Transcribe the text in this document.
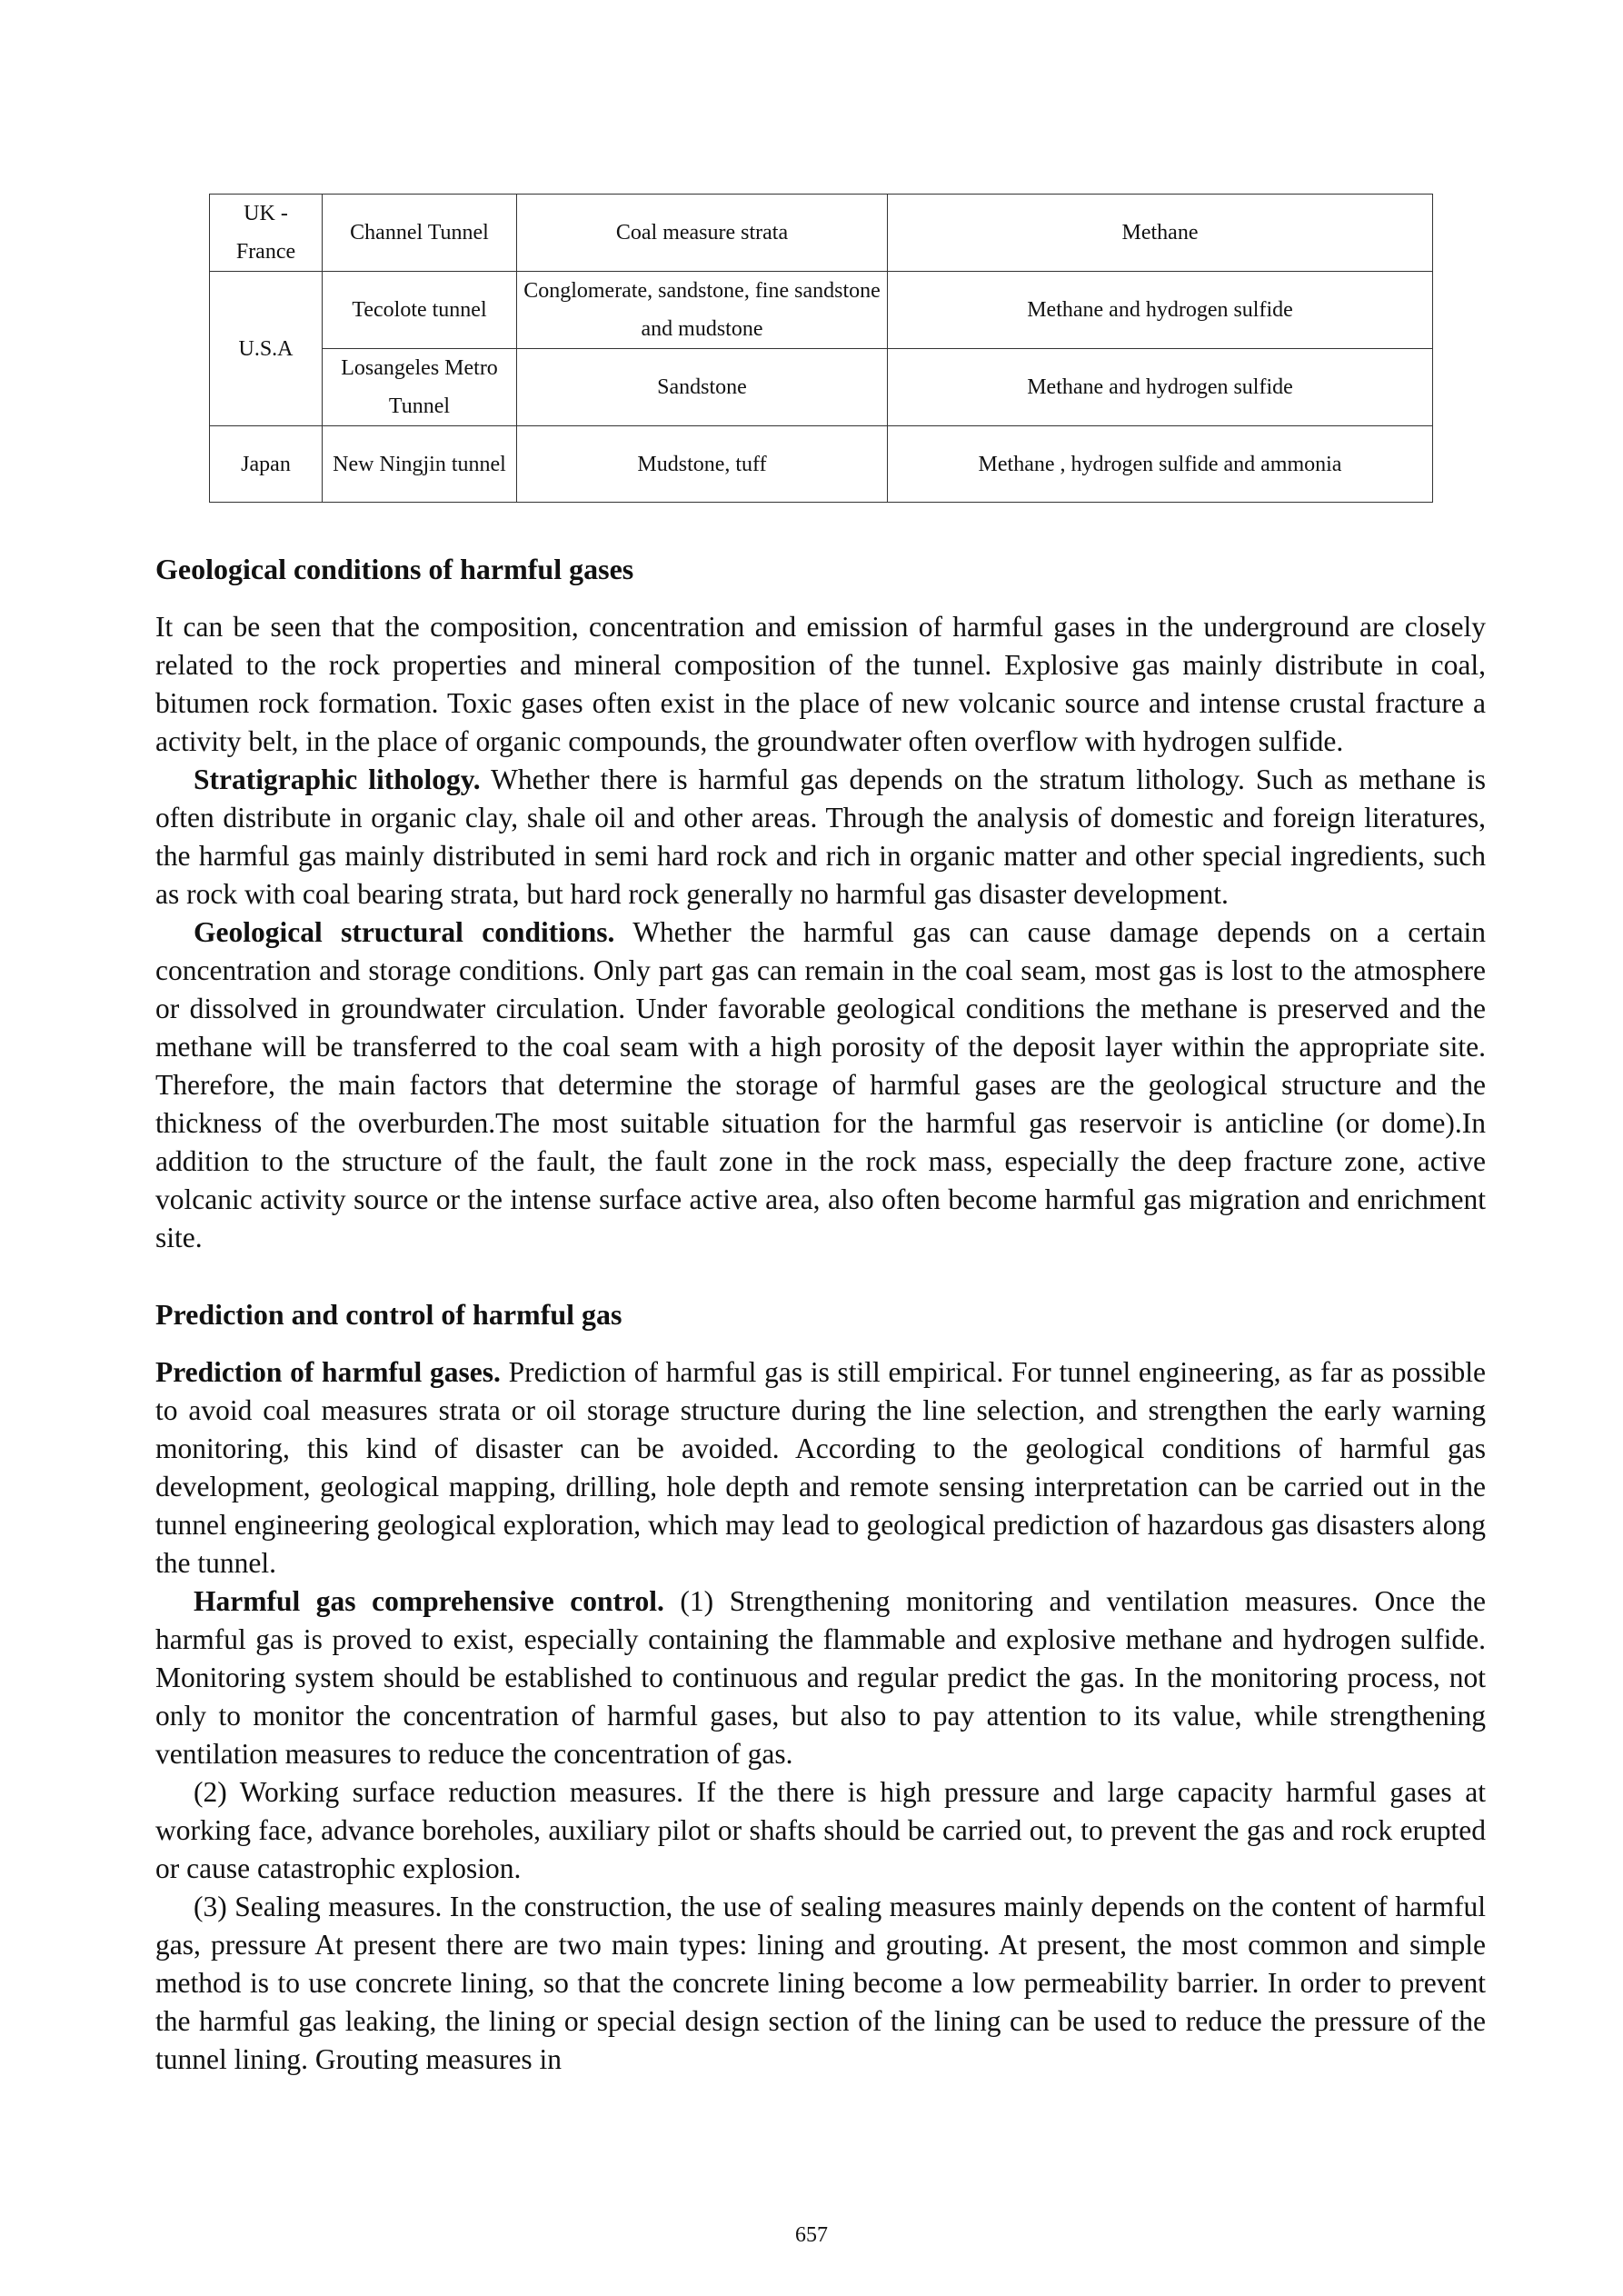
UK -
France	Channel Tunnel	Coal measure strata	Methane
U.S.A	Tecolote tunnel	Conglomerate, sandstone, fine sandstone and mudstone	Methane and hydrogen sulfide
	Losangeles Metro Tunnel	Sandstone	Methane and hydrogen sulfide
Japan	New Ningjin tunnel	Mudstone, tuff	Methane , hydrogen sulfide and ammonia
Geological conditions of harmful gases

It can be seen that the composition, concentration and emission of harmful gases in the underground are closely related to the rock properties and mineral composition of the tunnel. Explosive gas mainly distribute in coal, bitumen rock formation. Toxic gases often exist in the place of new volcanic source and intense crustal fracture a activity belt, in the place of organic compounds, the groundwater often overflow with hydrogen sulfide.

Stratigraphic lithology. Whether there is harmful gas depends on the stratum lithology. Such as methane is often distribute in organic clay, shale oil and other areas. Through the analysis of domestic and foreign literatures, the harmful gas mainly distributed in semi hard rock and rich in organic matter and other special ingredients, such as rock with coal bearing strata, but hard rock generally no harmful gas disaster development.

Geological structural conditions. Whether the harmful gas can cause damage depends on a certain concentration and storage conditions. Only part gas can remain in the coal seam, most gas is lost to the atmosphere or dissolved in groundwater circulation. Under favorable geological conditions the methane is preserved and the methane will be transferred to the coal seam with a high porosity of the deposit layer within the appropriate site. Therefore, the main factors that determine the storage of harmful gases are the geological structure and the thickness of the overburden.The most suitable situation for the harmful gas reservoir is anticline (or dome).In addition to the structure of the fault, the fault zone in the rock mass, especially the deep fracture zone, active volcanic activity source or the intense surface active area, also often become harmful gas migration and enrichment site.

Prediction and control of harmful gas

Prediction of harmful gases. Prediction of harmful gas is still empirical. For tunnel engineering, as far as possible to avoid coal measures strata or oil storage structure during the line selection, and strengthen the early warning monitoring, this kind of disaster can be avoided. According to the geological conditions of harmful gas development, geological mapping, drilling, hole depth and remote sensing interpretation can be carried out in the tunnel engineering geological exploration, which may lead to geological prediction of hazardous gas disasters along the tunnel.

Harmful gas comprehensive control. (1) Strengthening monitoring and ventilation measures. Once the harmful gas is proved to exist, especially containing the flammable and explosive methane and hydrogen sulfide. Monitoring system should be established to continuous and regular predict the gas. In the monitoring process, not only to monitor the concentration of harmful gases, but also to pay attention to its value, while strengthening ventilation measures to reduce the concentration of gas.

(2) Working surface reduction measures. If the there is high pressure and large capacity harmful gases at working face, advance boreholes, auxiliary pilot or shafts should be carried out, to prevent the gas and rock erupted or cause catastrophic explosion.

(3) Sealing measures. In the construction, the use of sealing measures mainly depends on the content of harmful gas, pressure At present there are two main types: lining and grouting. At present, the most common and simple method is to use concrete lining, so that the concrete lining become a low permeability barrier. In order to prevent the harmful gas leaking, the lining or special design section of the lining can be used to reduce the pressure of the tunnel lining. Grouting measures in

657
